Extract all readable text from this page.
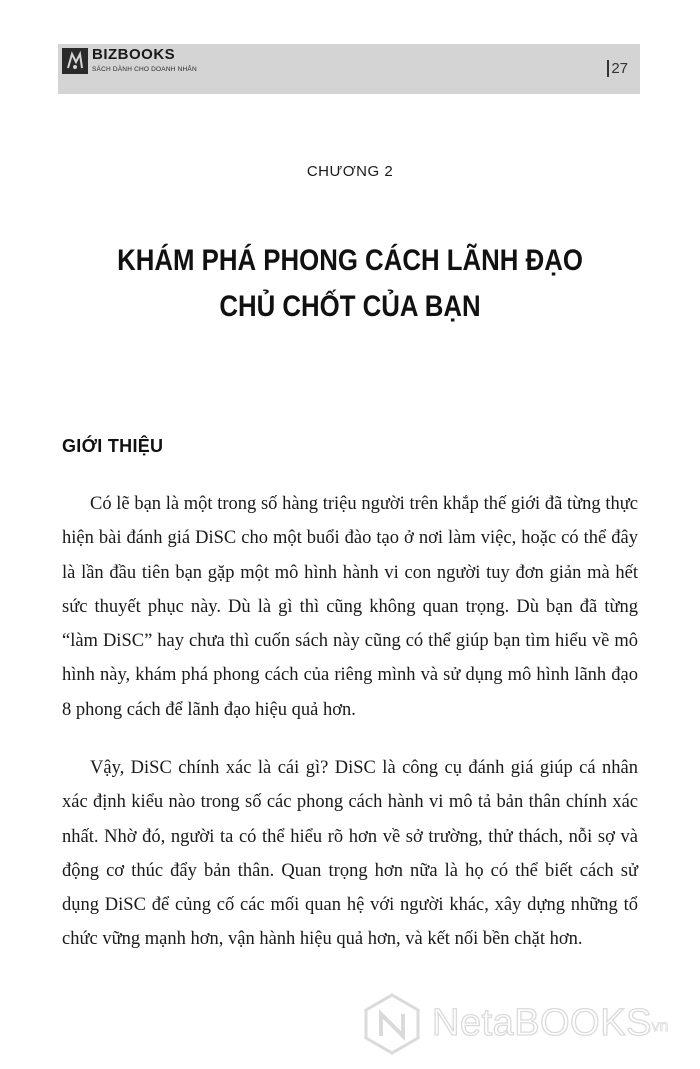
BIZBOOKS
SÁCH DÀNH CHO DOANH NHÂN	27
CHƯƠNG 2
KHÁM PHÁ PHONG CÁCH LÃNH ĐẠO
CHỦ CHỐT CỦA BẠN
GIỚI THIỆU

Có lẽ bạn là một trong số hàng triệu người trên khắp thế giới đã từng thực hiện bài đánh giá DiSC cho một buổi đào tạo ở nơi làm việc, hoặc có thể đây là lần đầu tiên bạn gặp một mô hình hành vi con người tuy đơn giản mà hết sức thuyết phục này. Dù là gì thì cũng không quan trọng. Dù bạn đã từng “làm DiSC” hay chưa thì cuốn sách này cũng có thể giúp bạn tìm hiểu về mô hình này, khám phá phong cách của riêng mình và sử dụng mô hình lãnh đạo 8 phong cách để lãnh đạo hiệu quả hơn.

Vậy, DiSC chính xác là cái gì? DiSC là công cụ đánh giá giúp cá nhân xác định kiểu nào trong số các phong cách hành vi mô tả bản thân chính xác nhất. Nhờ đó, người ta có thể hiểu rõ hơn về sở trường, thử thách, nỗi sợ và động cơ thúc đẩy bản thân. Quan trọng hơn nữa là họ có thể biết cách sử dụng DiSC để củng cố các mối quan hệ với người khác, xây dựng những tổ chức vững mạnh hơn, vận hành hiệu quả hơn, và kết nối bền chặt hơn.

NetaBOOKS
.vn
